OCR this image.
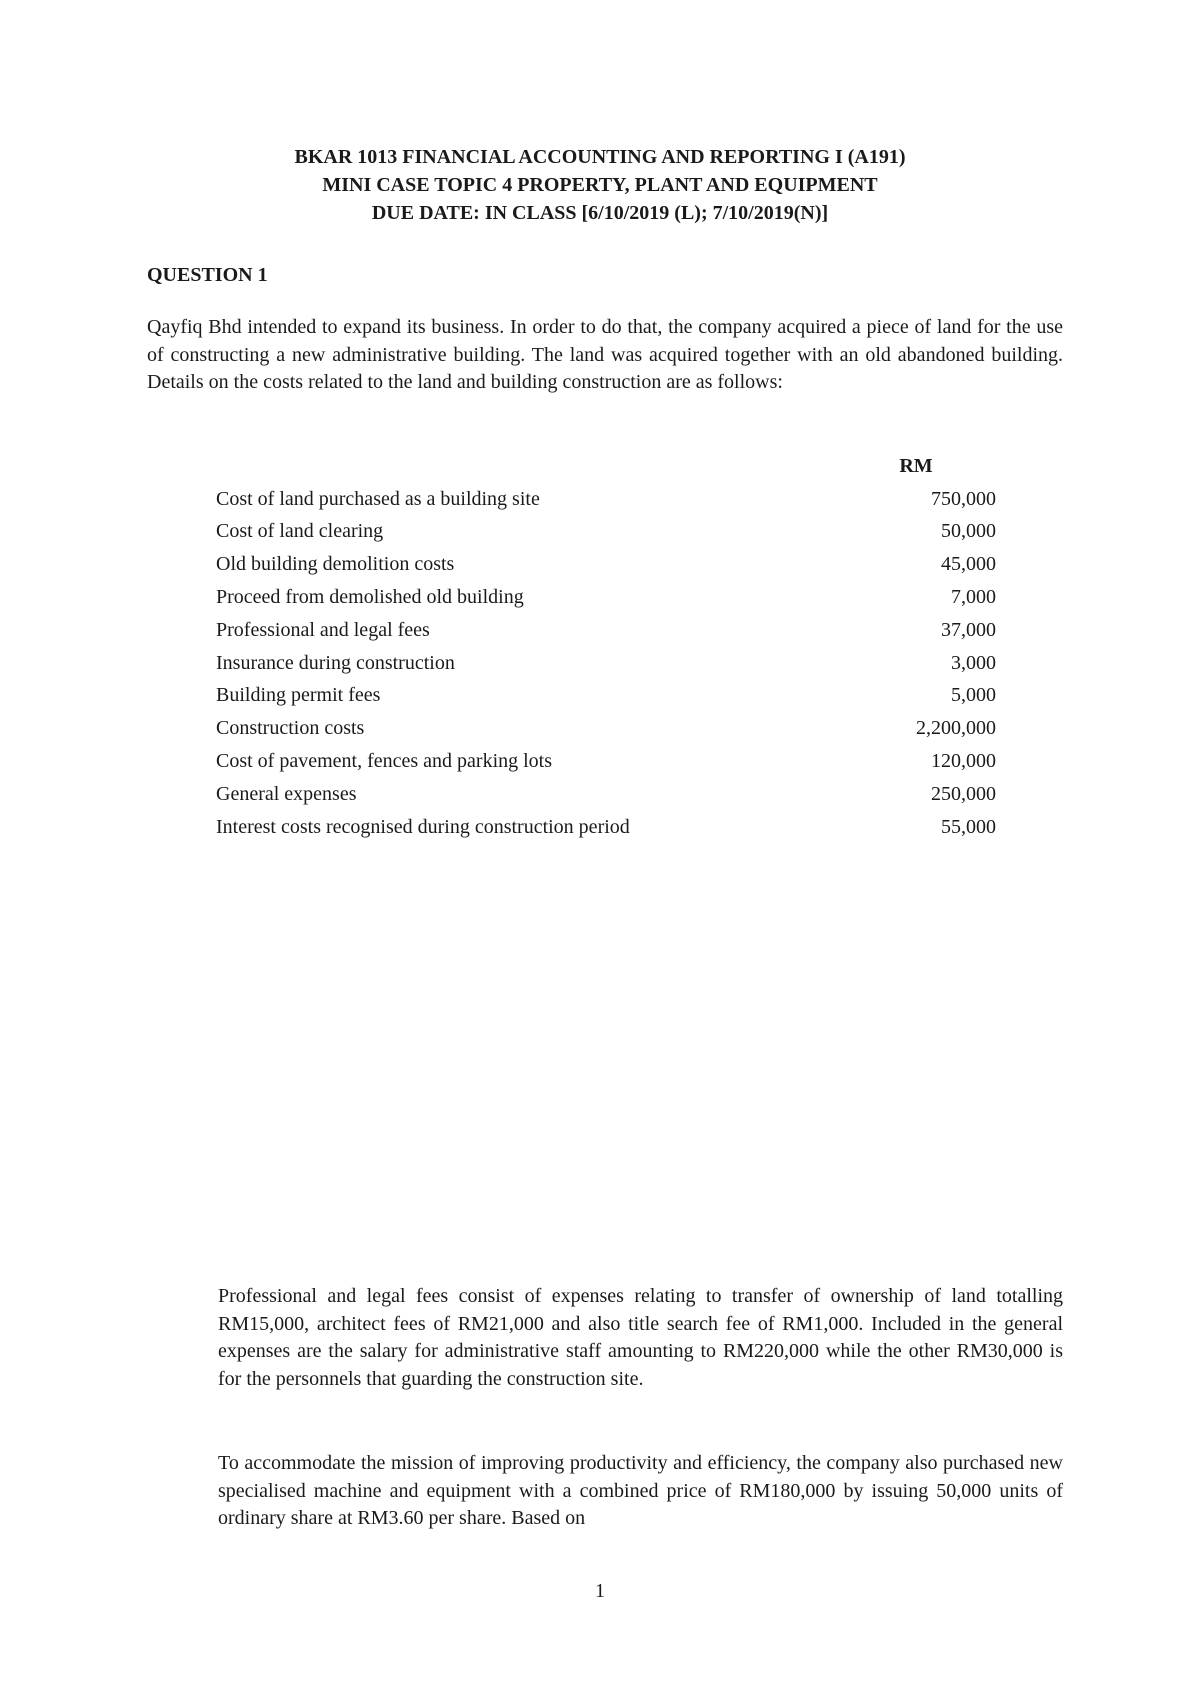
BKAR 1013 FINANCIAL ACCOUNTING AND REPORTING I (A191)
MINI CASE TOPIC 4 PROPERTY, PLANT AND EQUIPMENT
DUE DATE: IN CLASS [6/10/2019 (L); 7/10/2019(N)]
QUESTION 1

Qayfiq Bhd intended to expand its business. In order to do that, the company acquired a piece of land for the use of constructing a new administrative building. The land was acquired together with an old abandoned building. Details on the costs related to the land and building construction are as follows:

	RM
Cost of land purchased as a building site	750,000
Cost of land clearing	50,000
Old building demolition costs	45,000
Proceed from demolished old building	7,000
Professional and legal fees	37,000
Insurance during construction	3,000
Building permit fees	5,000
Construction costs	2,200,000
Cost of pavement, fences and parking lots	120,000
General expenses	250,000
Interest costs recognised during construction period	55,000

Professional and legal fees consist of expenses relating to transfer of ownership of land totalling RM15,000, architect fees of RM21,000 and also title search fee of RM1,000. Included in the general expenses are the salary for administrative staff amounting to RM220,000 while the other RM30,000 is for the personnels that guarding the construction site.

To accommodate the mission of improving productivity and efficiency, the company also purchased new specialised machine and equipment with a combined price of RM180,000 by issuing 50,000 units of ordinary share at RM3.60 per share. Based on

1
